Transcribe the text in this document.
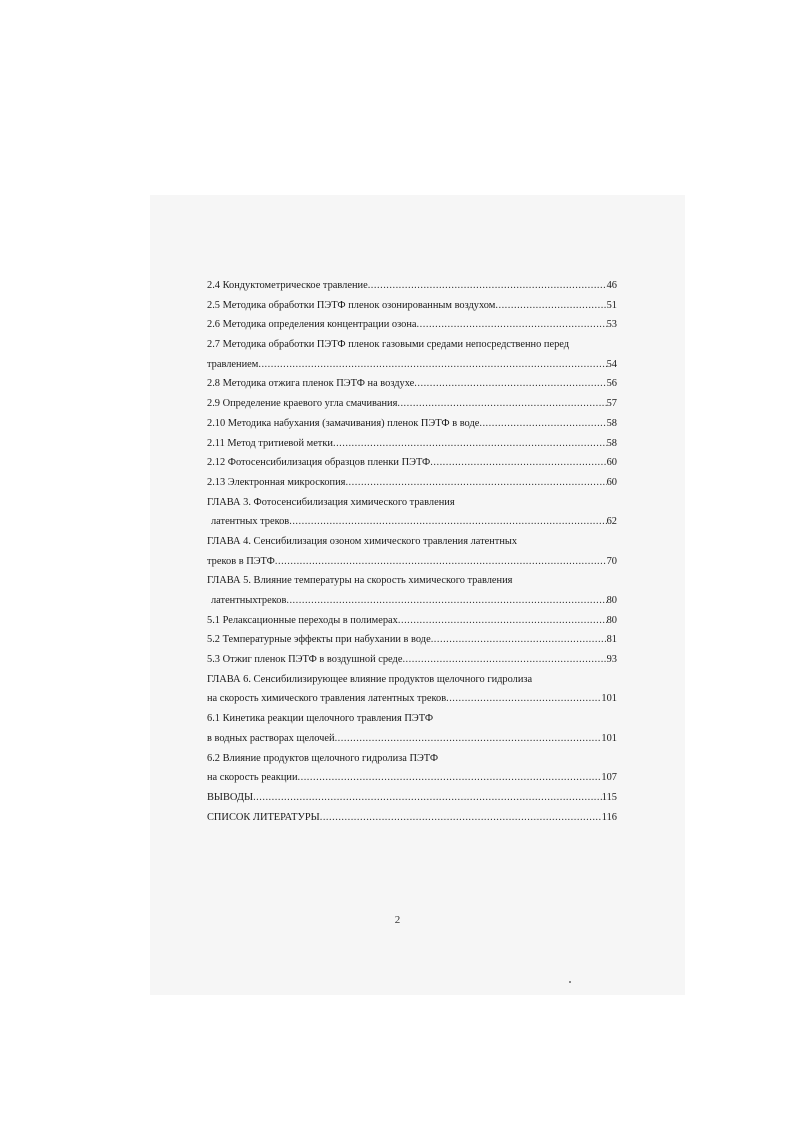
2.4 Кондуктометрическое травление .....	46
2.5 Методика обработки ПЭТФ пленок озонированным воздухом .....	51
2.6 Методика определения концентрации озона .....	53
2.7 Методика обработки ПЭТФ пленок газовыми средами непосредственно перед
травлением .....	54
2.8 Методика отжига пленок ПЭТФ на воздухе .....	56
2.9 Определение краевого угла смачивания .....	57
2.10 Методика набухания (замачивания) пленок ПЭТФ в воде .....	58
2.11 Метод тритиевой метки .....	58
2.12 Фотосенсибилизация образцов пленки ПЭТФ .....	60
2.13 Электронная микроскопия .....	60
ГЛАВА 3. Фотосенсибилизация химического травления
латентных треков .....	62
ГЛАВА 4. Сенсибилизация озоном химического травления латентных
треков в ПЭТФ .....	70
ГЛАВА 5. Влияние температуры на скорость химического травления
латентныхтреков .....	80
5.1 Релаксационные переходы в полимерах .....	80
5.2 Температурные эффекты при набухании в воде .....	81
5.3 Отжиг пленок ПЭТФ в воздушной среде .....	93
ГЛАВА 6. Сенсибилизирующее влияние продуктов щелочного гидролиза
на скорость химического травления латентных треков .....	101
6.1 Кинетика реакции щелочного травления ПЭТФ
в водных растворах щелочей .....	101
6.2 Влияние продуктов щелочного гидролиза ПЭТФ
на скорость реакции .....	107
ВЫВОДЫ .....	115
СПИСОК ЛИТЕРАТУРЫ .....	116
2
